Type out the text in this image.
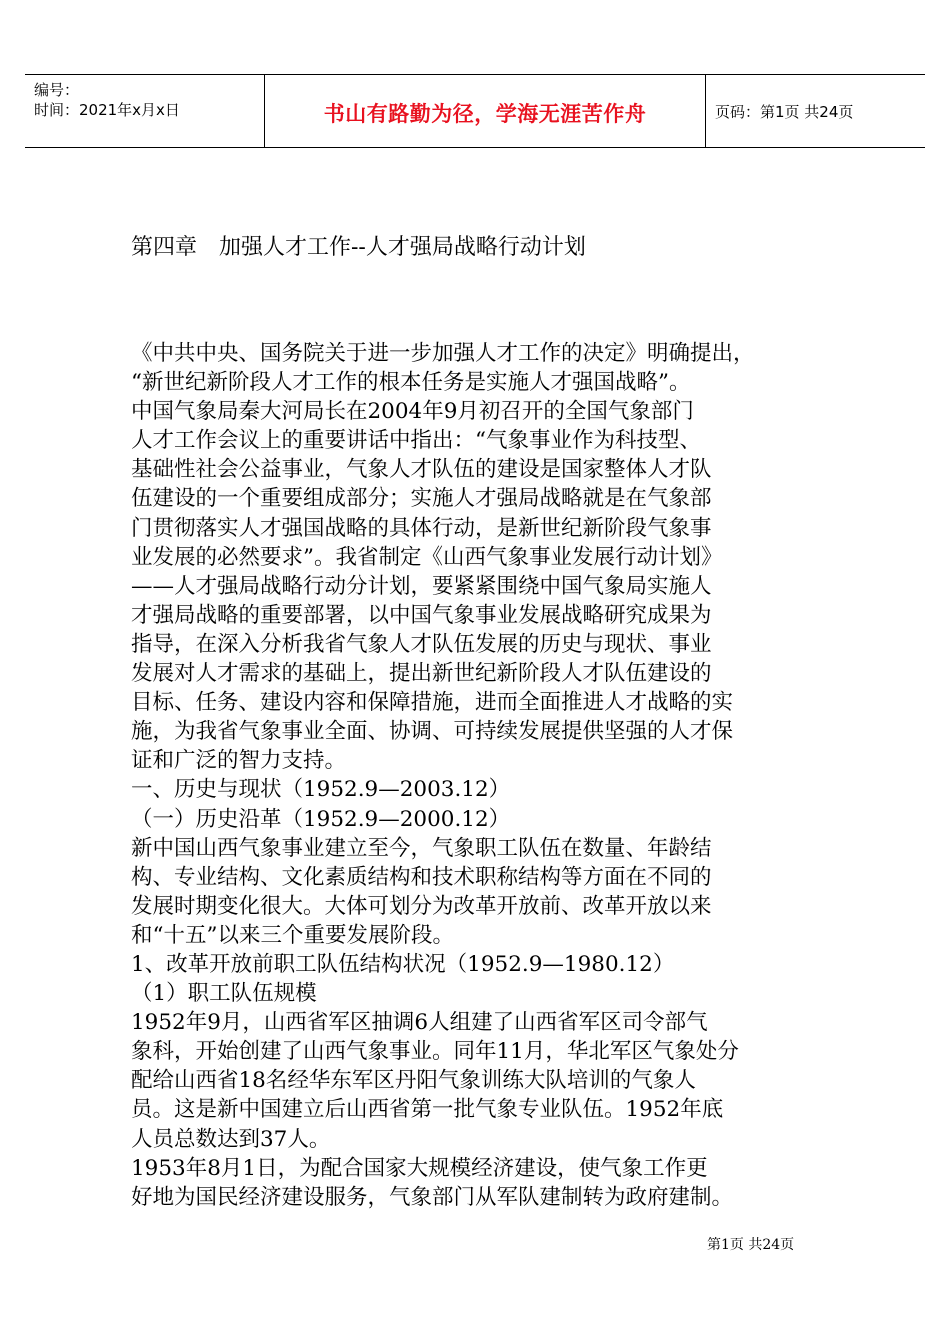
编号：
时间：2021年x月x日	书山有路勤为径，学海无涯苦作舟	页码：第1页 共24页
第四章　加强人才工作--人才强局战略行动计划

《中共中央、国务院关于进一步加强人才工作的决定》明确提出，
“新世纪新阶段人才工作的根本任务是实施人才强国战略”。
中国气象局秦大河局长在2004年9月初召开的全国气象部门
人才工作会议上的重要讲话中指出：“气象事业作为科技型、
基础性社会公益事业，气象人才队伍的建设是国家整体人才队
伍建设的一个重要组成部分；实施人才强局战略就是在气象部
门贯彻落实人才强国战略的具体行动，是新世纪新阶段气象事
业发展的必然要求”。我省制定《山西气象事业发展行动计划》
——人才强局战略行动分计划，要紧紧围绕中国气象局实施人
才强局战略的重要部署，以中国气象事业发展战略研究成果为
指导，在深入分析我省气象人才队伍发展的历史与现状、事业
发展对人才需求的基础上，提出新世纪新阶段人才队伍建设的
目标、任务、建设内容和保障措施，进而全面推进人才战略的实
施，为我省气象事业全面、协调、可持续发展提供坚强的人才保
证和广泛的智力支持。

一、历史与现状（1952.9—2003.12）

（一）历史沿革（1952.9—2000.12）

新中国山西气象事业建立至今，气象职工队伍在数量、年龄结
构、专业结构、文化素质结构和技术职称结构等方面在不同的
发展时期变化很大。大体可划分为改革开放前、改革开放以来
和“十五”以来三个重要发展阶段。

1、改革开放前职工队伍结构状况（1952.9—1980.12）

（1）职工队伍规模

1952年9月，山西省军区抽调6人组建了山西省军区司令部气
象科，开始创建了山西气象事业。同年11月，华北军区气象处分
配给山西省18名经华东军区丹阳气象训练大队培训的气象人
员。这是新中国建立后山西省第一批气象专业队伍。1952年底
人员总数达到37人。

1953年8月1日，为配合国家大规模经济建设，使气象工作更
好地为国民经济建设服务，气象部门从军队建制转为政府建制。

第1页 共24页
